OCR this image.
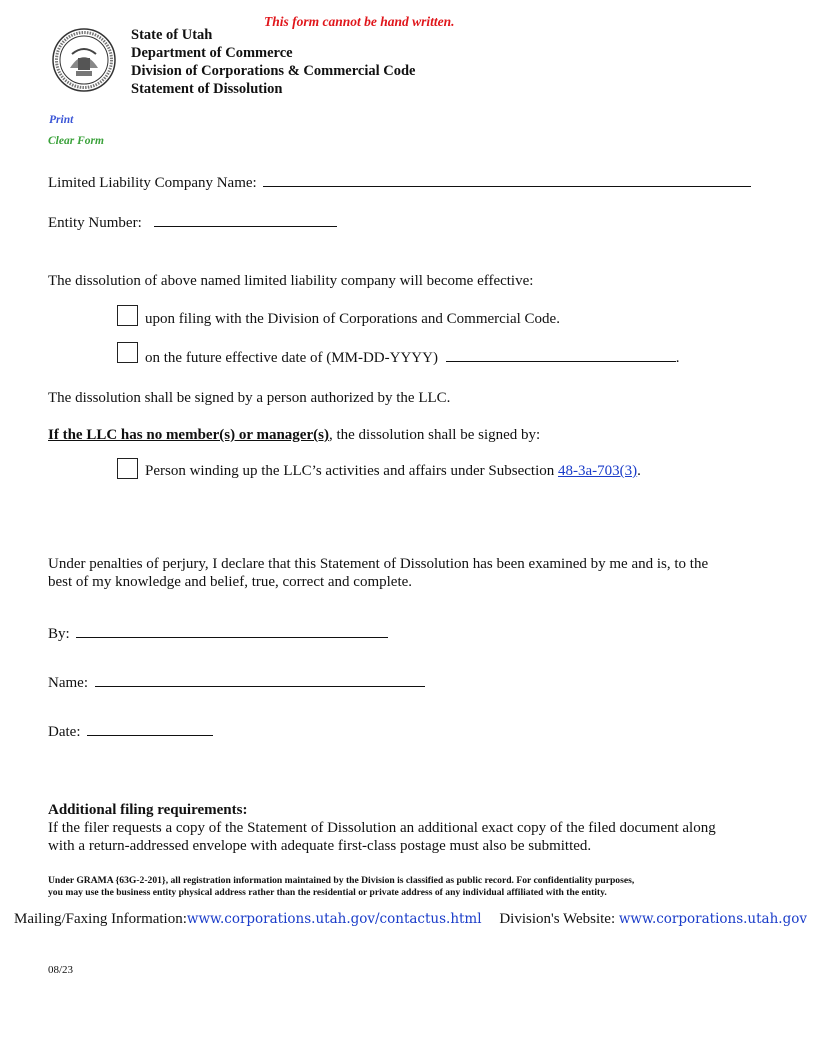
This form cannot be hand written.
State of Utah
Department of Commerce
Division of Corporations & Commercial Code
Statement of Dissolution
Print
Clear Form
Limited Liability Company Name:
Entity Number:
The dissolution of above named limited liability company will become effective:
upon filing with the Division of Corporations and Commercial Code.
on the future effective date of (MM-DD-YYYY)	.
The dissolution shall be signed by a person authorized by the LLC.
If the LLC has no member(s) or manager(s), the dissolution shall be signed by:
Person winding up the LLC’s activities and affairs under Subsection 48-3a-703(3).
Under penalties of perjury, I declare that this Statement of Dissolution has been examined by me and is, to the
best of my knowledge and belief, true, correct and complete.
By:
Name:
Date:
Additional filing requirements:
If the filer requests a copy of the Statement of Dissolution an additional exact copy of the filed document along
with a return-addressed envelope with adequate first-class postage must also be submitted.
Under GRAMA {63G-2-201}, all registration information maintained by the Division is classified as public record. For confidentiality purposes,
you may use the business entity physical address rather than the residential or private address of any individual affiliated with the entity.
Mailing/Faxing Information:www.corporations.utah.gov/contactus.html Division's Website: www.corporations.utah.gov
08/23
